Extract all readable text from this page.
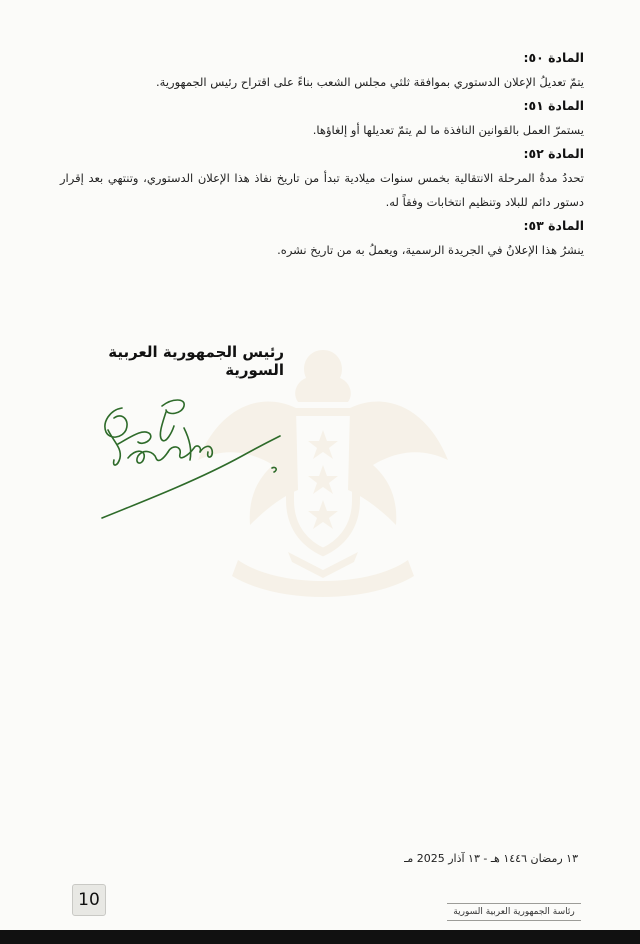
المادة ٥٠:

يتمّ تعديلُ الإعلان الدستوري بموافقة ثلثي مجلس الشعب بناءً على اقتراح رئيس الجمهورية.

المادة ٥١:

يستمرّ العمل بالقوانين النافذة ما لم يتمّ تعديلها أو إلغاؤها.

المادة ٥٢:

تحددُ مدةُ المرحلة الانتقالية بخمس سنوات ميلادية تبدأ من تاريخ نفاذ هذا الإعلان الدستوري، وتنتهي بعد إقرار دستور دائم للبلاد وتنظيم انتخابات وفقاً له.

المادة ٥٣:

ينشرُ هذا الإعلانُ في الجريدة الرسمية، ويعملُ به من تاريخ نشره.

رئيس الجمهورية العربية السورية
١٣ رمضان ١٤٤٦ هـ - ١٣ آذار 2025 مـ
10
رئاسة الجمهورية العربية السورية
